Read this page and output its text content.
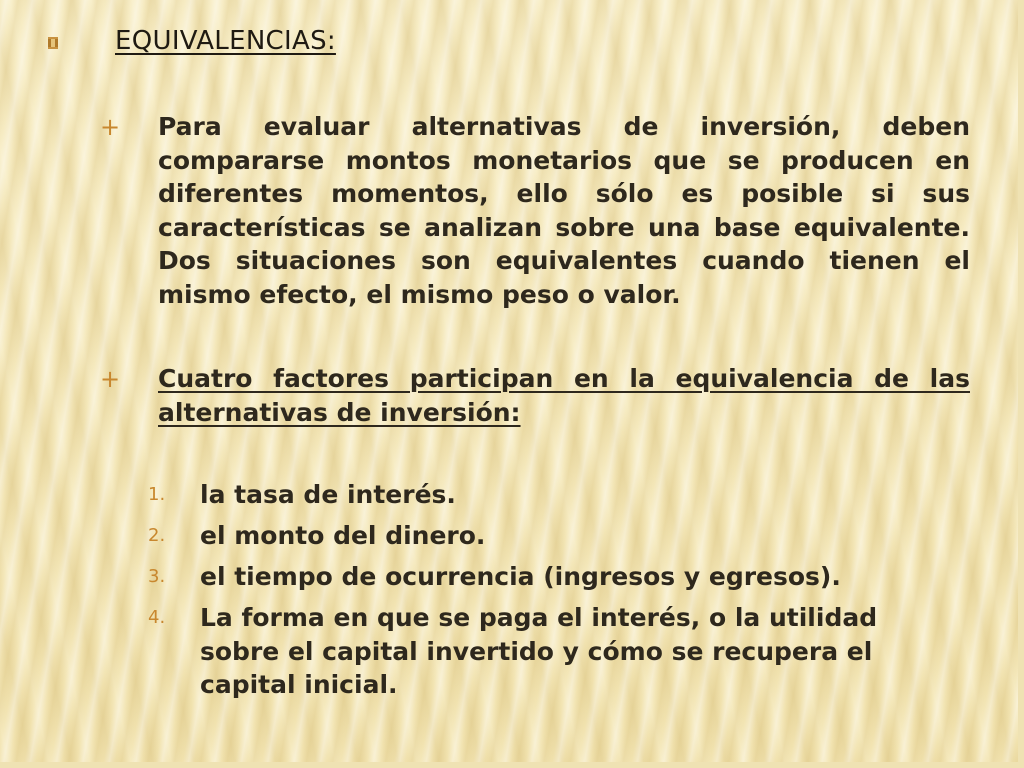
EQUIVALENCIAS:
+	Para evaluar alternativas de inversión, deben compararse montos monetarios que se producen en diferentes momentos, ello sólo es posible si sus características se analizan sobre una base equivalente. Dos situaciones son equivalentes cuando tienen el mismo efecto, el mismo peso o valor.
+	Cuatro factores participan en la equivalencia de las alternativas de inversión:
1.	la tasa de interés.
2.	el monto del dinero.
3.	el tiempo de ocurrencia (ingresos y egresos).
4.	La forma en que se paga el interés, o la utilidad sobre el capital invertido y cómo se recupera el capital inicial.
